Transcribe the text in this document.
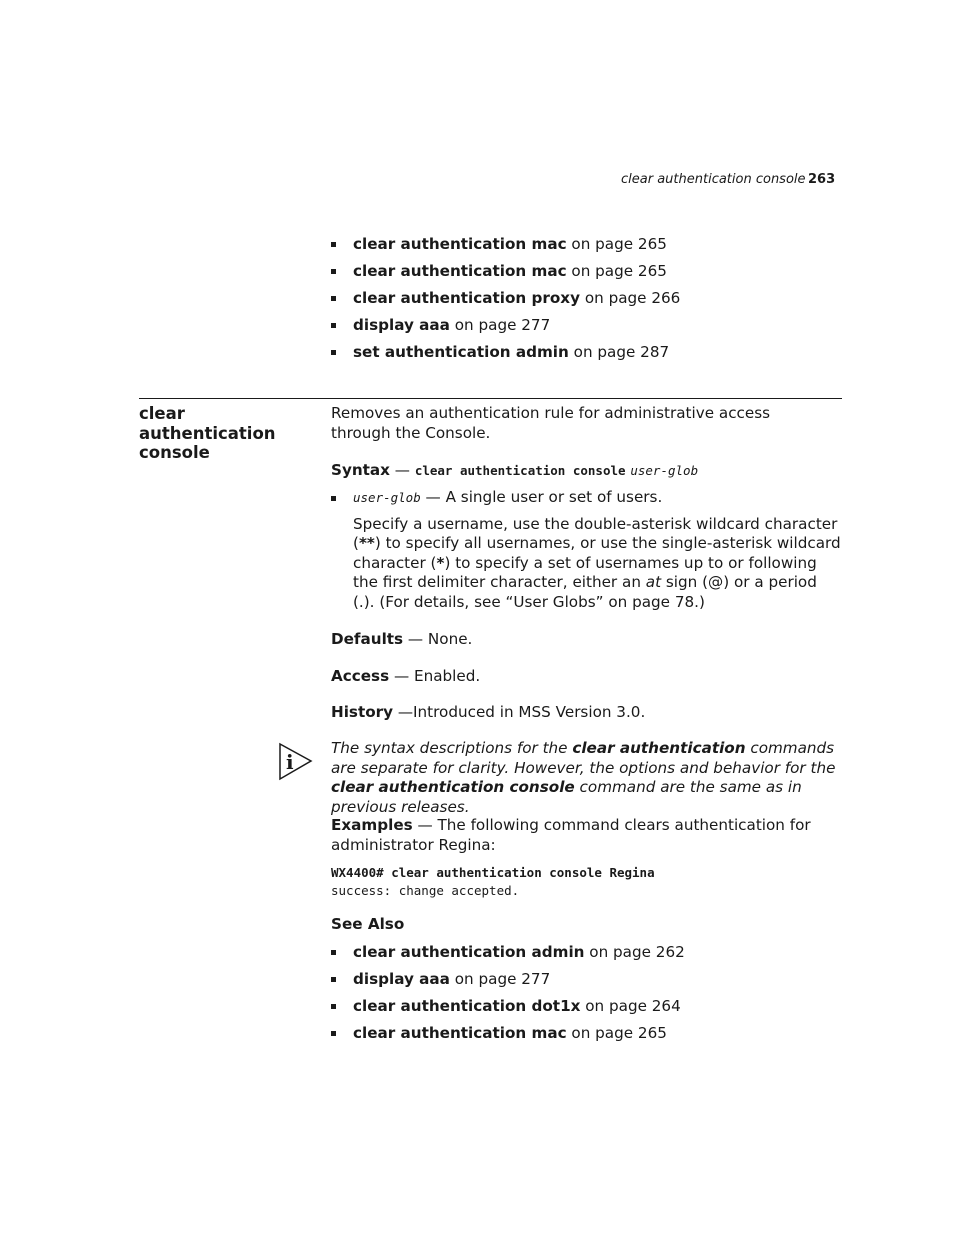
clear authentication console 263
clear authentication mac on page 265
clear authentication mac on page 265
clear authentication proxy on page 266
display aaa on page 277
set authentication admin on page 287
clear authentication console
Removes an authentication rule for administrative access through the Console.
Syntax — clear authentication console user-glob
user-glob — A single user or set of users.
Specify a username, use the double-asterisk wildcard character (**) to specify all usernames, or use the single-asterisk wildcard character (*) to specify a set of usernames up to or following the first delimiter character, either an at sign (@) or a period (.). (For details, see “User Globs” on page 78.)
Defaults — None.
Access — Enabled.
History —Introduced in MSS Version 3.0.
i
The syntax descriptions for the clear authentication commands are separate for clarity. However, the options and behavior for the clear authentication console command are the same as in previous releases.
Examples — The following command clears authentication for administrator Regina:
WX4400# clear authentication console Regina
success: change accepted.
See Also
clear authentication admin on page 262
display aaa on page 277
clear authentication dot1x on page 264
clear authentication mac on page 265
